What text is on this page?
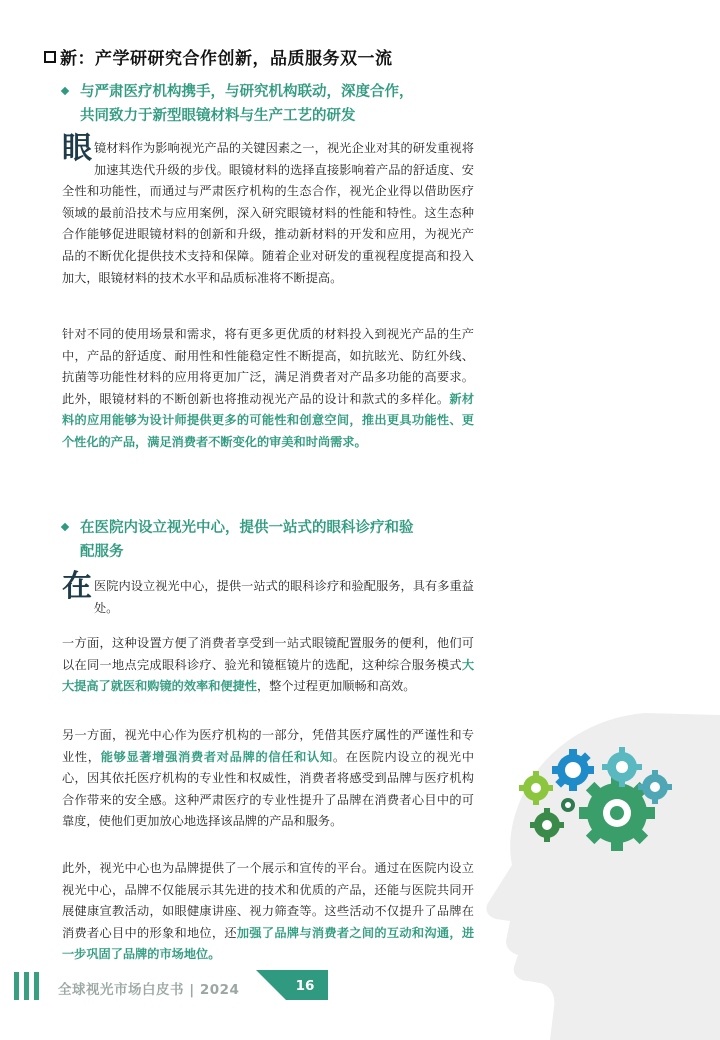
新：产学研研究合作创新，品质服务双一流
与严肃医疗机构携手，与研究机构联动，深度合作，
共同致力于新型眼镜材料与生产工艺的研发

眼镜材料作为影响视光产品的关键因素之一，视光企业对其的研发重视将加速其迭代升级的步伐。眼镜材料的选择直接影响着产品的舒适度、安全性和功能性，而通过与严肃医疗机构的生态合作，视光企业得以借助医疗领域的最前沿技术与应用案例，深入研究眼镜材料的性能和特性。这生态种合作能够促进眼镜材料的创新和升级，推动新材料的开发和应用，为视光产品的不断优化提供技术支持和保障。随着企业对研发的重视程度提高和投入加大，眼镜材料的技术水平和品质标准将不断提高。

针对不同的使用场景和需求，将有更多更优质的材料投入到视光产品的生产中，产品的舒适度、耐用性和性能稳定性不断提高，如抗眩光、防红外线、抗菌等功能性材料的应用将更加广泛，满足消费者对产品多功能的高要求。此外，眼镜材料的不断创新也将推动视光产品的设计和款式的多样化。新材料的应用能够为设计师提供更多的可能性和创意空间，推出更具功能性、更个性化的产品，满足消费者不断变化的审美和时尚需求。

在医院内设立视光中心，提供一站式的眼科诊疗和验
配服务

在医院内设立视光中心，提供一站式的眼科诊疗和验配服务，具有多重益处。

一方面，这种设置方便了消费者享受到一站式眼镜配置服务的便利，他们可以在同一地点完成眼科诊疗、验光和镜框镜片的选配，这种综合服务模式大大提高了就医和购镜的效率和便捷性，整个过程更加顺畅和高效。

另一方面，视光中心作为医疗机构的一部分，凭借其医疗属性的严谨性和专业性，能够显著增强消费者对品牌的信任和认知。在医院内设立的视光中心，因其依托医疗机构的专业性和权威性，消费者将感受到品牌与医疗机构合作带来的安全感。这种严肃医疗的专业性提升了品牌在消费者心目中的可靠度，使他们更加放心地选择该品牌的产品和服务。

此外，视光中心也为品牌提供了一个展示和宣传的平台。通过在医院内设立视光中心，品牌不仅能展示其先进的技术和优质的产品，还能与医院共同开展健康宣教活动，如眼健康讲座、视力筛查等。这些活动不仅提升了品牌在消费者心目中的形象和地位，还加强了品牌与消费者之间的互动和沟通，进一步巩固了品牌的市场地位。

全球视光市场白皮书 | 2024	16
